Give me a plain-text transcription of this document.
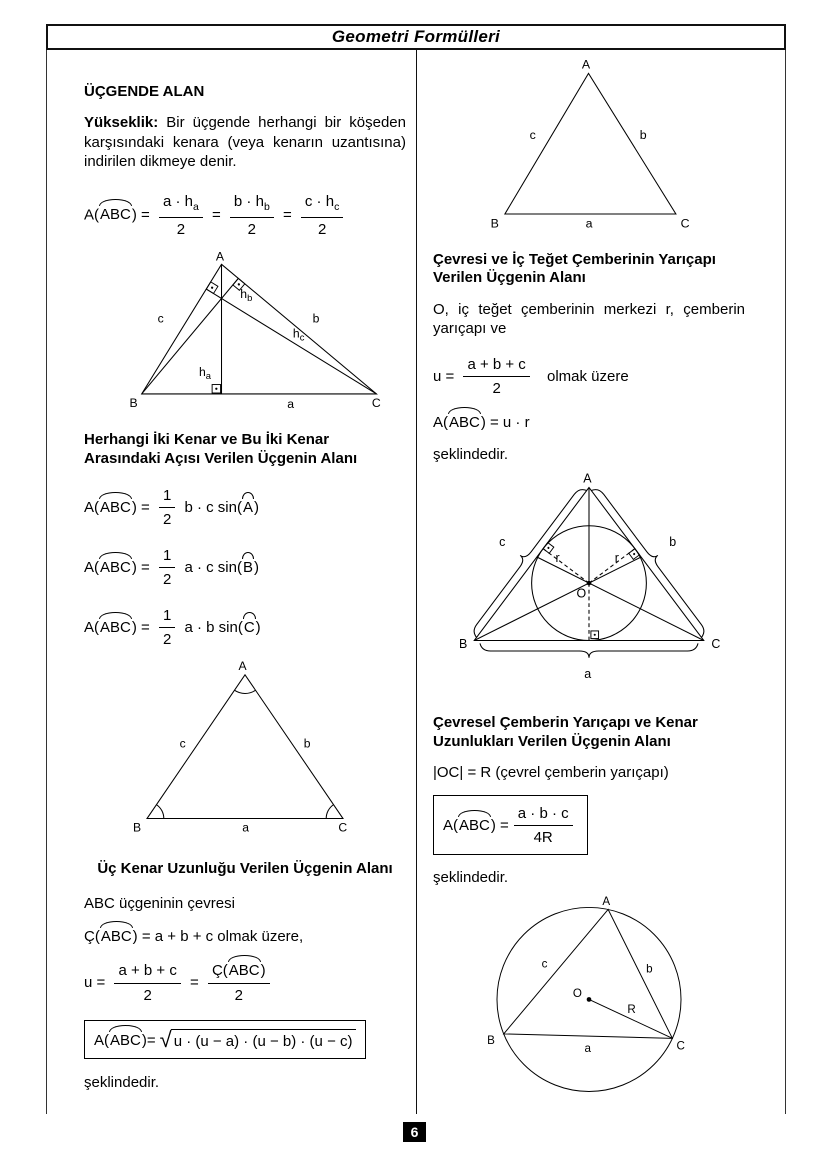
Geometri Formülleri
ÜÇGENDE ALAN

Yükseklik: Bir üçgende herhangi bir köşeden karşısındaki kenara (veya kenarın uzantısına) indirilen dikmeye denir.

$A(ABC) = \frac{a \cdot h_a}{2} = \frac{b \cdot h_b}{2} = \frac{c \cdot h_c}{2}$
A
B	C
a
b
c
$h_b$
$h_c$
$h_a$
Herhangi İki Kenar ve Bu İki Kenar
Arasındaki Açısı Verilen Üçgenin Alanı
$A(ABC) = \frac{1}{2}$ b · c sin(A)
$A(ABC) = \frac{1}{2}$ a · c sin(B)
$A(ABC) = \frac{1}{2}$ a · b sin(C)
A
B	C
a
b
c
Üç Kenar Uzunluğu Verilen Üçgenin Alanı

ABC üçgeninin çevresi

Ç(ABC) = a + b + c olmak üzere,
$u = \frac{a + b + c}{2} = \frac{\text{Ç(ABC)}}{2}$
A( ABC )= √ u · (u − a) · (u − b) · (u − c)
şeklindedir.
A
B	C
a
b
c
Çevresi ve İç Teğet Çemberinin Yarıçapı
Verilen Üçgenin Alanı

O, iç teğet çemberinin merkezi r, çemberin yarıçapı ve

$u = \frac{a + b + c}{2}$ olmak üzere
A(ABC) = u · r
şeklindedir.
A
B	C
c	b
a
r	r
O
Çevresel Çemberin Yarıçapı ve Kenar
Uzunlukları Verilen Üçgenin Alanı

|OC| = R (çevrel çemberin yarıçapı)

A( ABC ) = $\frac{a \cdot b \cdot c}{4R}$
şeklindedir.
A
B	C
c	b
a
O
R
6
